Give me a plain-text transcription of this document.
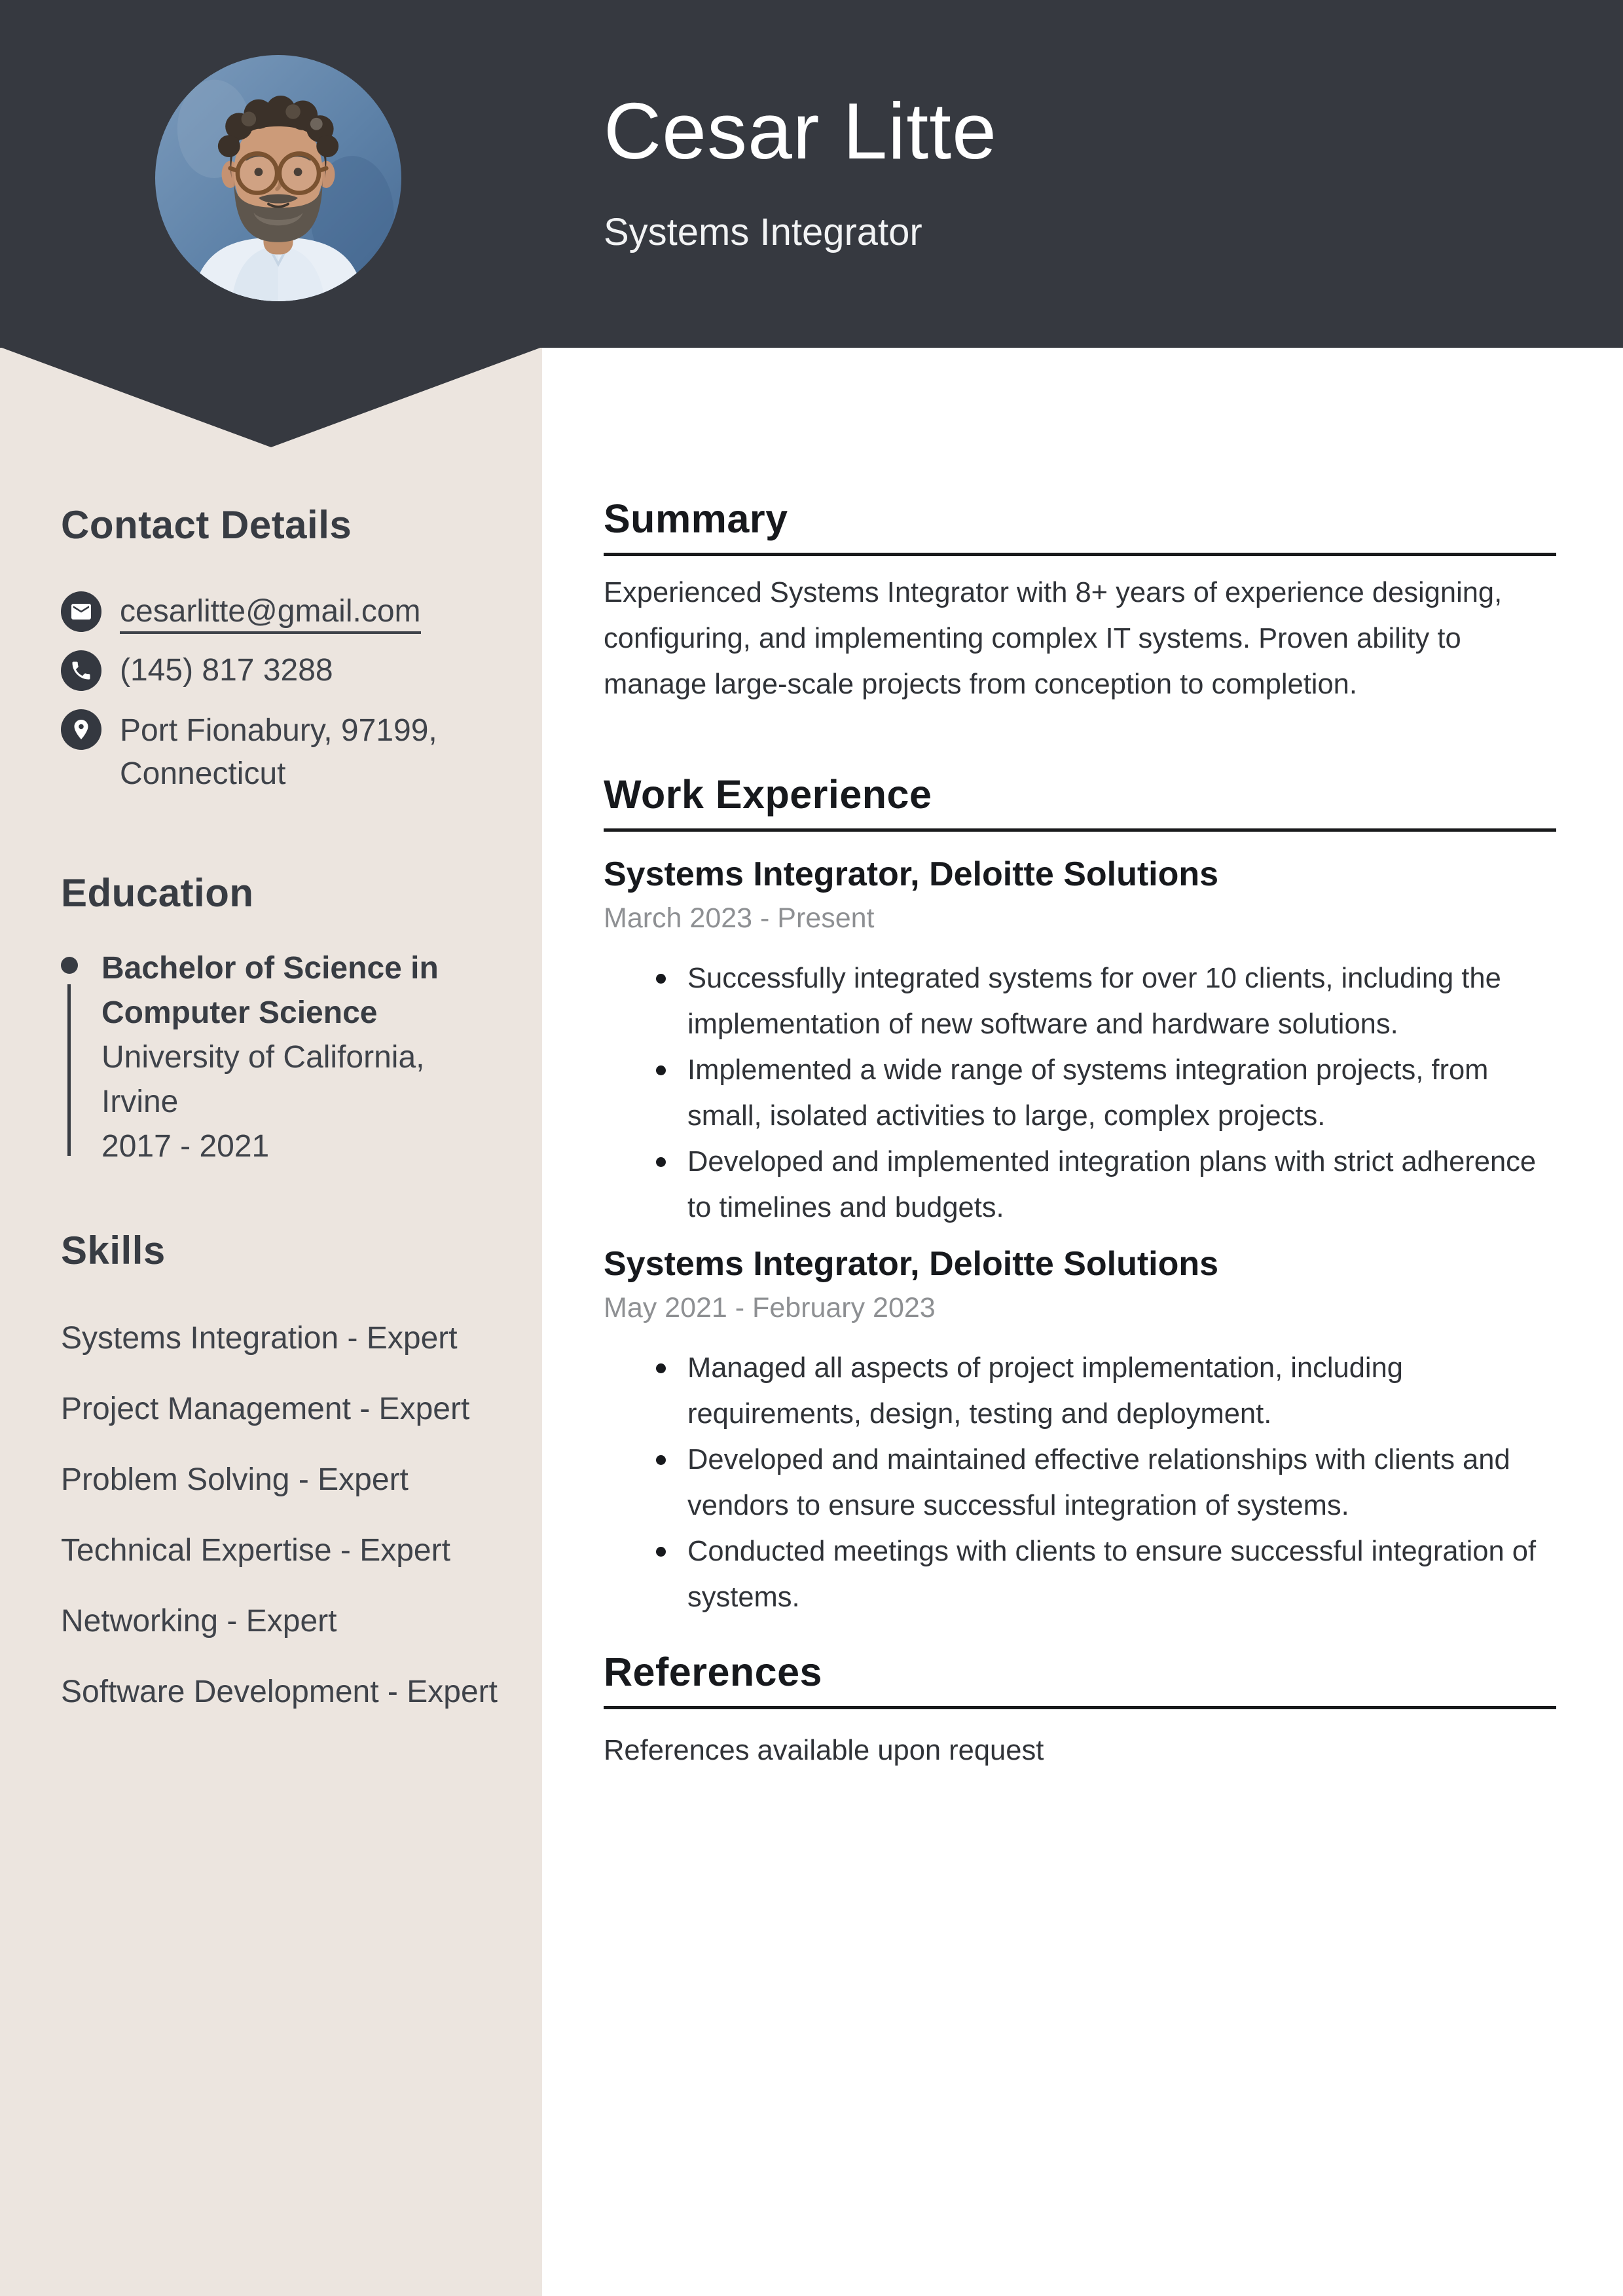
Cesar Litte
Systems Integrator
Contact Details
cesarlitte@gmail.com
(145) 817 3288
Port Fionabury, 97199,
Connecticut
Education
Bachelor of Science in
Computer Science
University of California,
Irvine
2017 - 2021
Skills
Systems Integration - Expert
Project Management - Expert
Problem Solving - Expert
Technical Expertise - Expert
Networking - Expert
Software Development - Expert
Summary
Experienced Systems Integrator with 8+ years of experience designing, configuring, and implementing complex IT systems. Proven ability to manage large-scale projects from conception to completion.
Work Experience
Systems Integrator, Deloitte Solutions
March 2023 - Present
Successfully integrated systems for over 10 clients, including the implementation of new software and hardware solutions.
Implemented a wide range of systems integration projects, from small, isolated activities to large, complex projects.
Developed and implemented integration plans with strict adherence to timelines and budgets.
Systems Integrator, Deloitte Solutions
May 2021 - February 2023
Managed all aspects of project implementation, including requirements, design, testing and deployment.
Developed and maintained effective relationships with clients and vendors to ensure successful integration of systems.
Conducted meetings with clients to ensure successful integration of systems.
References
References available upon request
